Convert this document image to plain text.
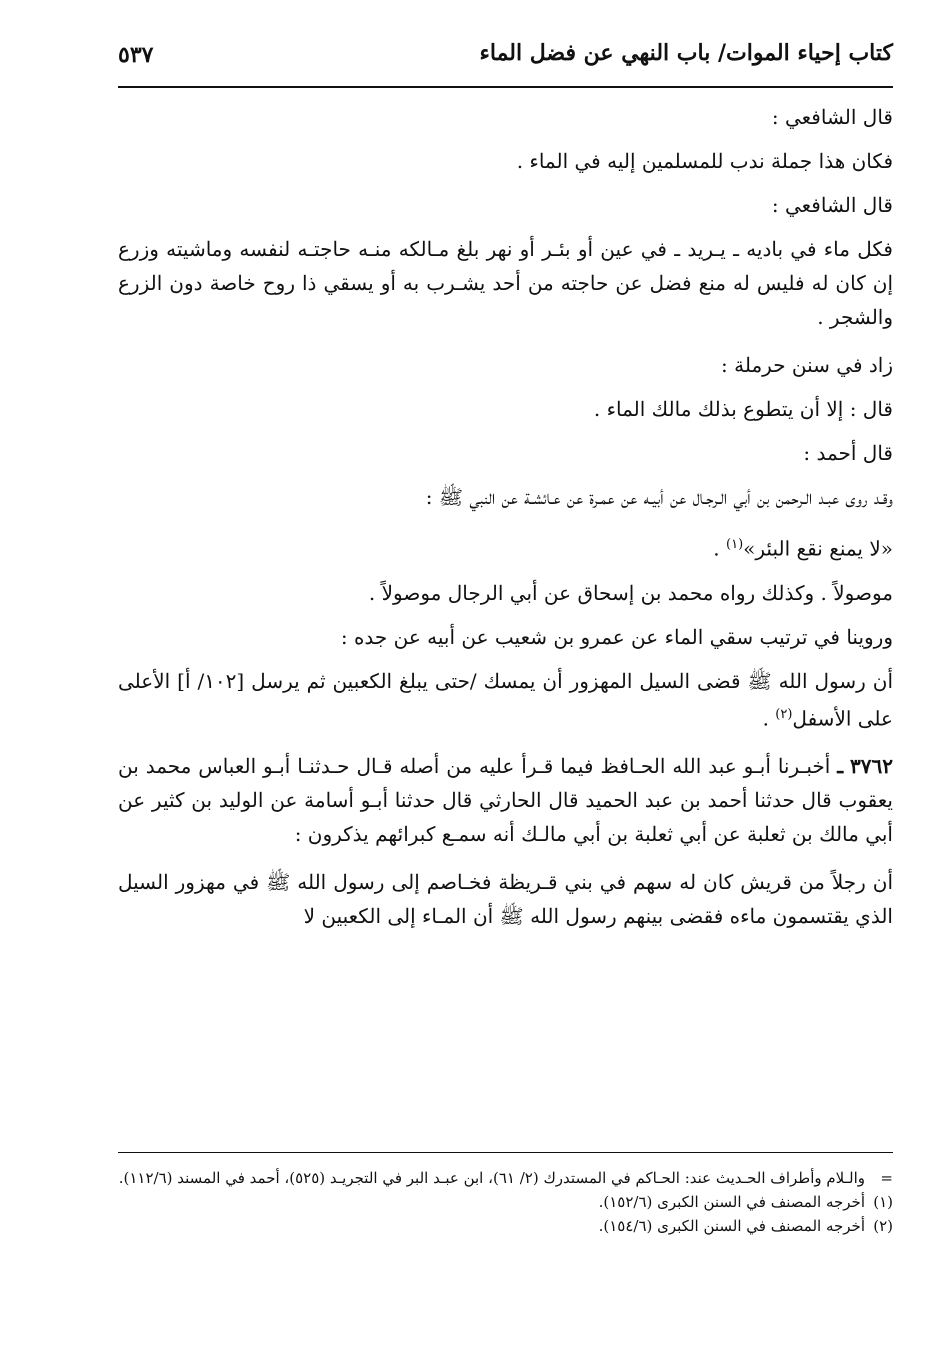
كتاب إحياء الموات/ باب النهي عن فضل الماء
٥٣٧

قال الشافعي :

فكان هذا جملة ندب للمسلمين إليه في الماء .

قال الشافعي :

فكل ماء في باديه ـ يـريد ـ في عين أو بئـر أو نهر بلغ مـالكه منـه حاجتـه لنفسه وماشيته وزرع إن كان له فليس له منع فضل عن حاجته من أحد يشـرب به أو يسقي ذا روح خاصة دون الزرع والشجر .

زاد في سنن حرملة :

قال : إلا أن يتطوع بذلك مالك الماء .

قال أحمد :

وقـد روى عبـد الـرحمن بن أبي الـرجـال عن أبيـه عن عمـرة عن عـائشـة عن النبي ﷺ :

«لا يمنع نقع البئر»$^{(١)}$ .

موصولاً . وكذلك رواه محمد بن إسحاق عن أبي الرجال موصولاً .

وروينا في ترتيب سقي الماء عن عمرو بن شعيب عن أبيه عن جده :

أن رسول الله ﷺ قضى السيل المهزور أن يمسك /حتى يبلغ الكعبين ثم يرسل [١٠٢/ أ] الأعلى على الأسفل$^{(٢)}$ .

٣٧٦٢ ـ أخبـرنا أبـو عبد الله الحـافظ فيما قـرأ عليه من أصله قـال حـدثنـا أبـو العباس محمد بن يعقوب قال حدثنا أحمد بن عبد الحميد قال الحارثي قال حدثنا أبـو أسامة عن الوليد بن كثير عن أبي مالك بن ثعلبة عن أبي ثعلبة بن أبي مالـك أنه سمـع كبرائهم يذكرون :

أن رجلاً من قريش كان له سهم في بني قـريظة فخـاصم إلى رسول الله ﷺ في مهزور السيل الذي يقتسمون ماءه فقضى بينهم رسول الله ﷺ أن المـاء إلى الكعبين لا

=
والـلام وأطراف الحـديث عند: الحـاكم في المستدرك (٢/ ٦١)، ابن عبـد البر في التجريـد (٥٢٥)، أحمد في المسند (١١٢/٦).
(١)
أخرجه المصنف في السنن الكبرى (١٥٢/٦).
(٢)
أخرجه المصنف في السنن الكبرى (١٥٤/٦).
